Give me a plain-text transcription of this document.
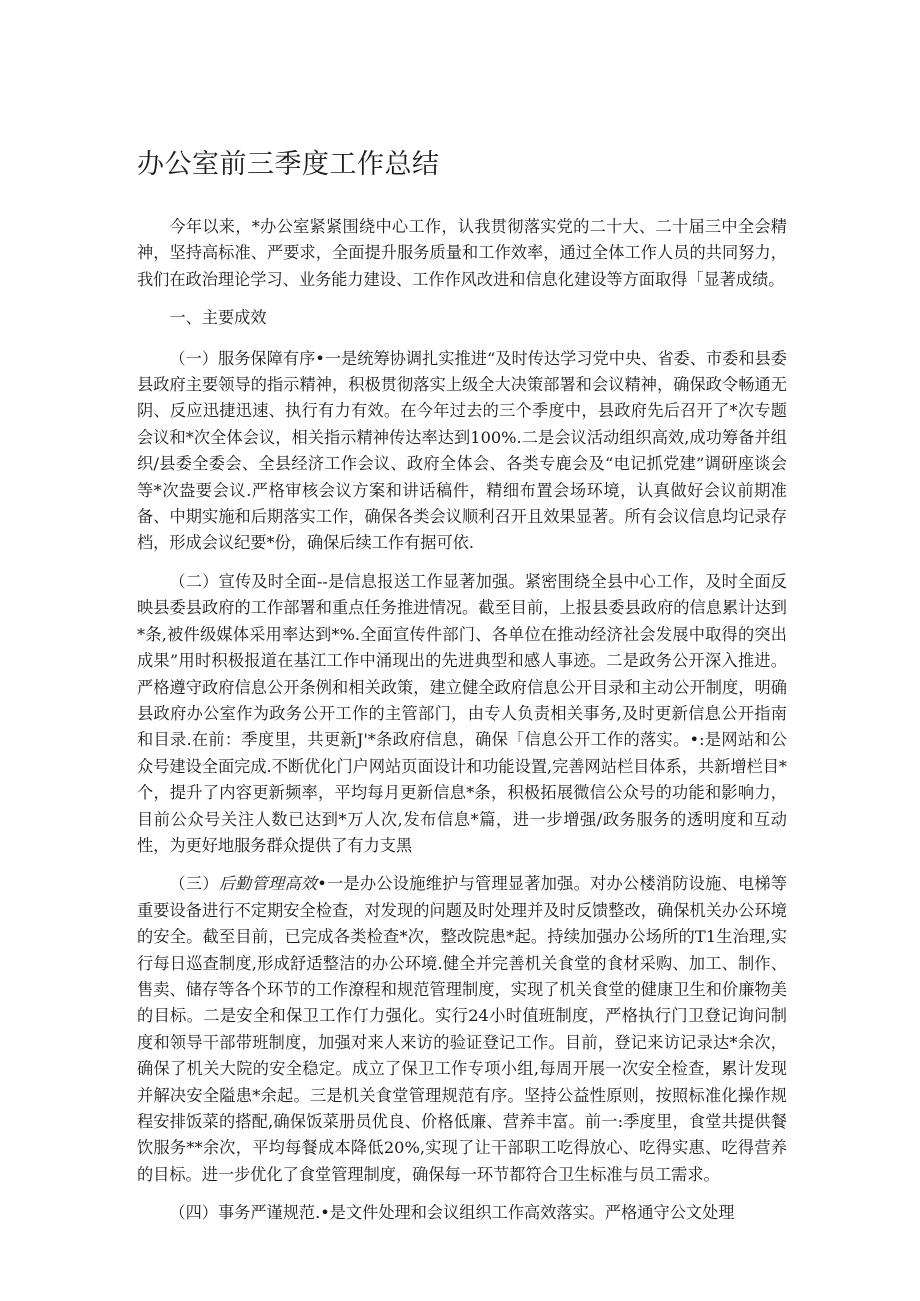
办公室前三季度工作总结

今年以来，*办公室紧紧围绕中心工作，认我贯彻落实党的二十大、二十届三中全会精神，坚持高标准、严要求，全面提升服务质量和工作效率，通过全体工作人员的共同努力，我们在政治理论学习、业务能力建设、工作作风改进和信息化建设等方面取得「显著成绩。

一、主要成效

（一）服务保障有序•一是统筹协调扎实推进“及时传达学习党中央、省委、市委和县委县政府主要领导的指示精神，积极贯彻落实上级全大决策部署和会议精神，确保政令畅通无阴、反应迅捷迅速、执行有力有效。在今年过去的三个季度中，县政府先后召开了*次专题会议和*次全体会议，相关指示精神传达率达到100%.二是会议活动组织高效,成功筹备并组织/县委全委会、全县经济工作会议、政府全体会、各类专鹿会及“电记抓党建”调研座谈会等*次盎要会议.严格审核会议方案和讲话稿件，精细布置会场环境，认真做好会议前期准备、中期实施和后期落实工作，确保各类会议顺利召开且效果显著。所有会议信息均记录存档，形成会议纪要*份，确保后续工作有据可依.

（二）宣传及时全面--是信息报送工作显著加强。紧密围绕全县中心工作，及时全面反映县委县政府的工作部署和重点任务推进情况。截至目前，上报县委县政府的信息累计达到*条,被件级媒体采用率达到*%.全面宣传件部门、各单位在推动经济社会发展中取得的突出成果”用时积极报道在基江工作中涌现出的先进典型和感人事迹。二是政务公开深入推进。严格遵守政府信息公开条例和相关政策，建立健全政府信息公开目录和主动公开制度，明确县政府办公室作为政务公开工作的主管部门，由专人负责相关事务,及时更新信息公开指南和目录.在前：季度里，共更新J'*条政府信息，确保「信息公开工作的落实。•:是网站和公众号建设全面完成.不断优化门户网站页面设计和功能设置,完善网站栏目体系，共新增栏目*个，提升了内容更新频率，平均每月更新信息*条，积极拓展微信公众号的功能和影响力，目前公众号关注人数已达到*万人次,发布信息*篇，进一步增强/政务服务的透明度和互动性，为更好地服务群众提供了有力支黑

（三）后勤管理高效•一是办公设施维护与管理显著加强。对办公楼消防设施、电梯等重要设备进行不定期安全检查，对发现的问题及时处理并及时反馈整改，确保机关办公环境的安全。截至目前，已完成各类检查*次，整改院患*起。持续加强办公场所的T1生治理,实行每日巡查制度,形成舒适整洁的办公环境.健全并完善机关食堂的食材采购、加工、制作、售卖、储存等各个环节的工作潦程和规范管理制度，实现了机关食堂的健康卫生和价廉物美的目标。二是安全和保卫工作仃力强化。实行24小时值班制度，严格执行门卫登记询问制度和领导干部带班制度，加强对来人来访的验证登记工作。目前，登记来访记录达*余次，确保了机关大院的安全稳定。成立了保卫工作专项小组,每周开展一次安全检查，累计发现并解决安全隘患*余起。三是机关食堂管理规范有序。坚持公益性原则，按照标准化操作规程安排饭菜的搭配,确保饭菜册员优良、价格低廉、营养丰富。前一:季度里，食堂共提供餐饮服务**余次，平均每餐成本降低20%,实现了让干部职工吃得放心、吃得实惠、吃得营养的目标。进一步优化了食堂管理制度，确保每一环节都符合卫生标准与员工需求。

（四）事务严谨规范.•是文件处理和会议组织工作高效落实。严格通守公文处理
